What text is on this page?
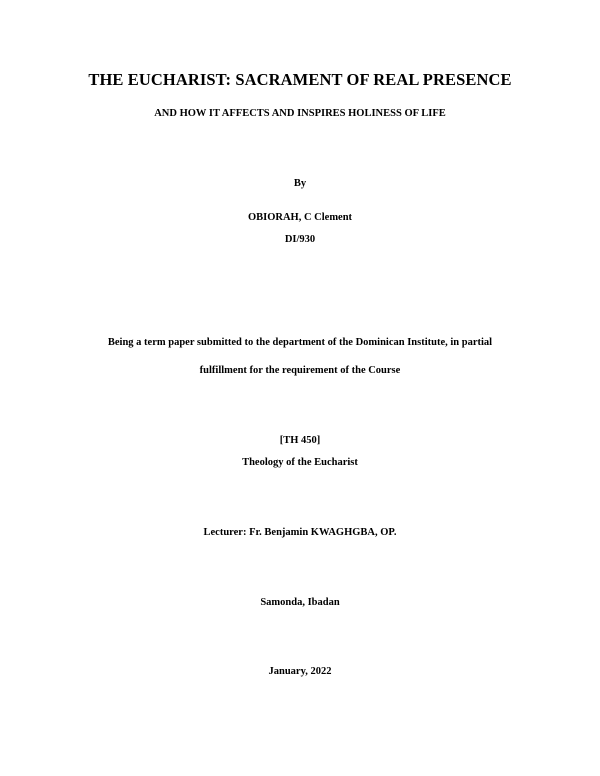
THE EUCHARIST: SACRAMENT OF REAL PRESENCE
AND HOW IT AFFECTS AND INSPIRES HOLINESS OF LIFE
By
OBIORAH, C Clement
DI/930
Being a term paper submitted to the department of the Dominican Institute, in partial
fulfillment for the requirement of the Course
[TH 450]
Theology of the Eucharist
Lecturer: Fr. Benjamin KWAGHGBA, OP.
Samonda, Ibadan
January, 2022
